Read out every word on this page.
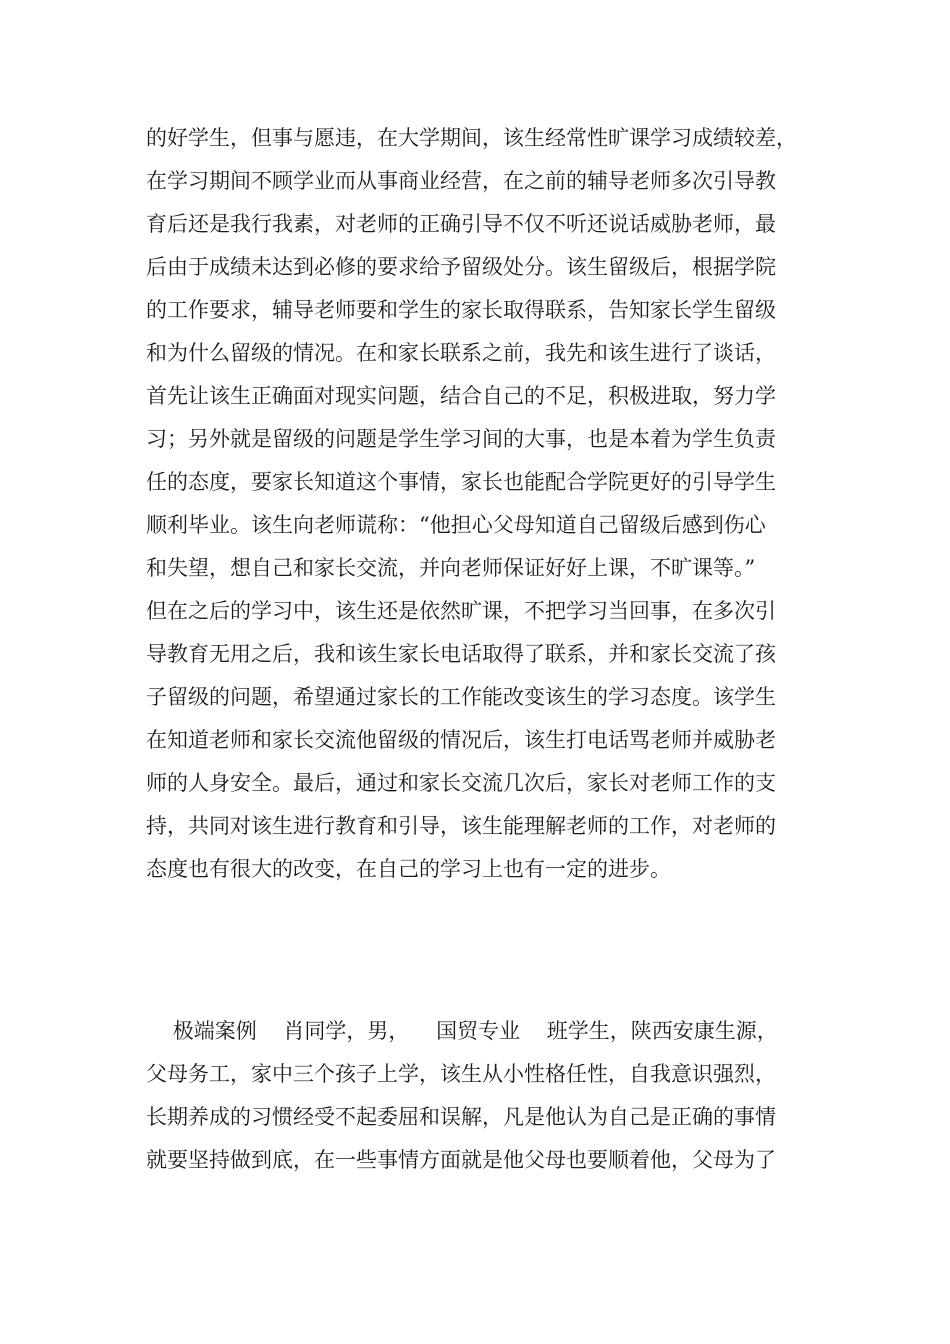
的好学生，但事与愿违，在大学期间，该生经常性旷课学习成绩较差，
在学习期间不顾学业而从事商业经营，在之前的辅导老师多次引导教
育后还是我行我素，对老师的正确引导不仅不听还说话威胁老师，最
后由于成绩未达到必修的要求给予留级处分。该生留级后，根据学院
的工作要求，辅导老师要和学生的家长取得联系，告知家长学生留级
和为什么留级的情况。在和家长联系之前，我先和该生进行了谈话，
首先让该生正确面对现实问题，结合自己的不足，积极进取，努力学
习；另外就是留级的问题是学生学习间的大事，也是本着为学生负责
任的态度，要家长知道这个事情，家长也能配合学院更好的引导学生
顺利毕业。该生向老师谎称：“他担心父母知道自己留级后感到伤心
和失望，想自己和家长交流，并向老师保证好好上课，不旷课等。”
但在之后的学习中，该生还是依然旷课，不把学习当回事，在多次引
导教育无用之后，我和该生家长电话取得了联系，并和家长交流了孩
子留级的问题，希望通过家长的工作能改变该生的学习态度。该学生
在知道老师和家长交流他留级的情况后，该生打电话骂老师并威胁老
师的人身安全。最后，通过和家长交流几次后，家长对老师工作的支
持，共同对该生进行教育和引导，该生能理解老师的工作，对老师的
态度也有很大的改变，在自己的学习上也有一定的进步。
极端案例    肖同学，男，    国贸专业    班学生，陕西安康生源，
父母务工，家中三个孩子上学，该生从小性格任性，自我意识强烈，
长期养成的习惯经受不起委屈和误解，凡是他认为自己是正确的事情
就要坚持做到底，在一些事情方面就是他父母也要顺着他，父母为了
